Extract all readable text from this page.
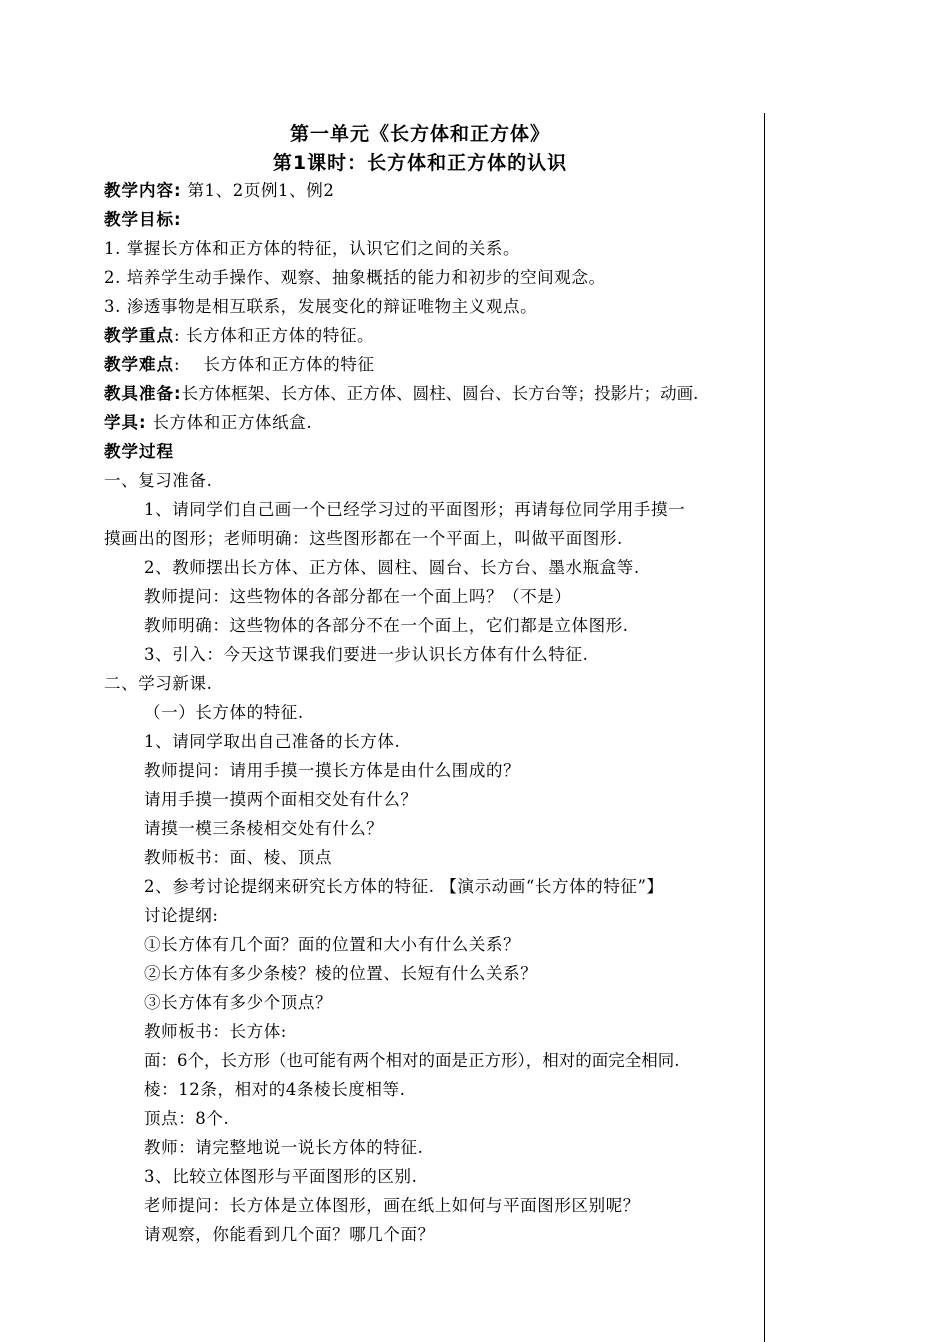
第一单元《长方体和正方体》
第1课时：长方体和正方体的认识
教学内容: 第1、2页例1、例2
教学目标:
1. 掌握长方体和正方体的特征，认识它们之间的关系。
2. 培养学生动手操作、观察、抽象概括的能力和初步的空间观念。
3. 渗透事物是相互联系，发展变化的辩证唯物主义观点。
教学重点: 长方体和正方体的特征。
教学难点:    长方体和正方体的特征
教具准备:长方体框架、长方体、正方体、圆柱、圆台、长方台等；投影片；动画.
学具: 长方体和正方体纸盒.
教学过程
一、复习准备.
1、请同学们自己画一个已经学习过的平面图形；再请每位同学用手摸一
摸画出的图形；老师明确：这些图形都在一个平面上，叫做平面图形.
2、教师摆出长方体、正方体、圆柱、圆台、长方台、墨水瓶盒等.
教师提问：这些物体的各部分都在一个面上吗？（不是）
教师明确：这些物体的各部分不在一个面上，它们都是立体图形.
3、引入：今天这节课我们要进一步认识长方体有什么特征.
二、学习新课.
（一）长方体的特征.
1、请同学取出自己准备的长方体.
教师提问：请用手摸一摸长方体是由什么围成的？
请用手摸一摸两个面相交处有什么？
请摸一模三条棱相交处有什么？
教师板书：面、棱、顶点
2、参考讨论提纲来研究长方体的特征. 【演示动画“长方体的特征”】
讨论提纲:
①长方体有几个面？面的位置和大小有什么关系？
②长方体有多少条棱？棱的位置、长短有什么关系？
③长方体有多少个顶点？
教师板书：长方体:
面：6个，长方形（也可能有两个相对的面是正方形），相对的面完全相同.
棱：12条，相对的4条棱长度相等.
顶点：8个.
教师：请完整地说一说长方体的特征.
3、比较立体图形与平面图形的区别.
老师提问：长方体是立体图形，画在纸上如何与平面图形区别呢？
请观察，你能看到几个面？哪几个面？
